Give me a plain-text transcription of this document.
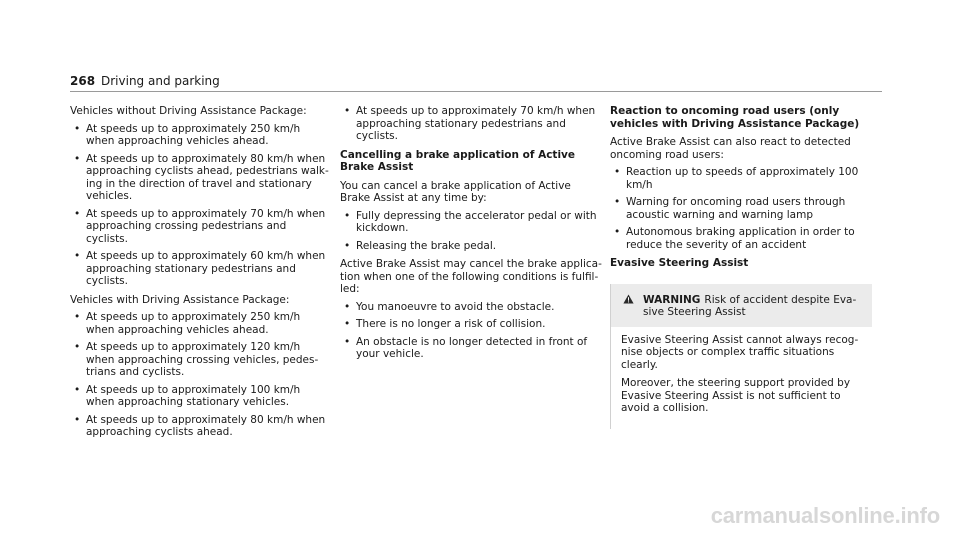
268 Driving and parking

Vehicles without Driving Assistance Package:

• At speeds up to approximately 250 km/h when approaching vehicles ahead.
• At speeds up to approximately 80 km/h when approaching cyclists ahead, pedestrians walk-ing in the direction of travel and stationary vehicles.
• At speeds up to approximately 70 km/h when approaching crossing pedestrians and cyclists.
• At speeds up to approximately 60 km/h when approaching stationary pedestrians and cyclists.

Vehicles with Driving Assistance Package:

• At speeds up to approximately 250 km/h when approaching vehicles ahead.
• At speeds up to approximately 120 km/h when approaching crossing vehicles, pedes-trians and cyclists.
• At speeds up to approximately 100 km/h when approaching stationary vehicles.
• At speeds up to approximately 80 km/h when approaching cyclists ahead.
• At speeds up to approximately 70 km/h when approaching stationary pedestrians and cyclists.
Cancelling a brake application of Active Brake Assist

You can cancel a brake application of Active Brake Assist at any time by:

• Fully depressing the accelerator pedal or with kickdown.
• Releasing the brake pedal.

Active Brake Assist may cancel the brake applica-tion when one of the following conditions is fulfil-led:

• You manoeuvre to avoid the obstacle.
• There is no longer a risk of collision.
• An obstacle is no longer detected in front of your vehicle.
Reaction to oncoming road users (only vehicles with Driving Assistance Package)

Active Brake Assist can also react to detected oncoming road users:

• Reaction up to speeds of approximately 100 km/h
• Warning for oncoming road users through acoustic warning and warning lamp
• Autonomous braking application in order to reduce the severity of an accident
Evasive Steering Assist
WARNING Risk of accident despite Eva-sive Steering Assist

Evasive Steering Assist cannot always recog-nise objects or complex traffic situations clearly.

Moreover, the steering support provided by Evasive Steering Assist is not sufficient to avoid a collision.

carmanualsonline.info
